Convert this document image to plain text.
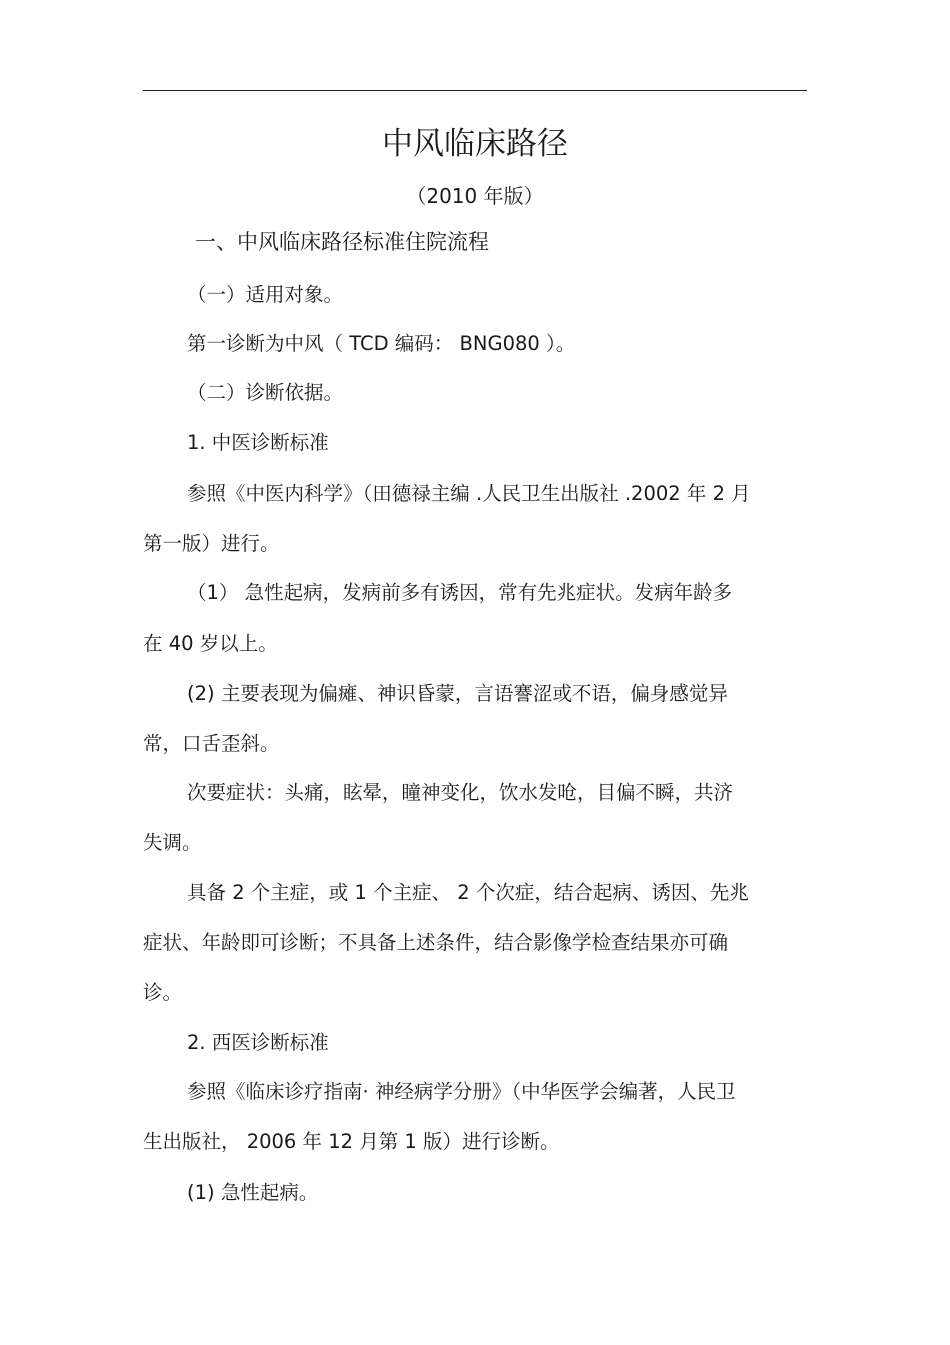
中风临床路径
（2010 年版）
一、中风临床路径标准住院流程
（一）适用对象。
第一诊断为中风（ TCD 编码： BNG080 ）。
（二）诊断依据。
1. 中医诊断标准
参照《中医内科学》（田德禄主编 .人民卫生出版社 .2002 年 2 月
第一版）进行。
（1） 急性起病，发病前多有诱因，常有先兆症状。发病年龄多
在 40 岁以上。
(2) 主要表现为偏瘫、神识昏蒙，言语謇涩或不语，偏身感觉异
常，口舌歪斜。
次要症状：头痛，眩晕，瞳神变化，饮水发呛，目偏不瞬，共济
失调。
具备 2 个主症，或 1 个主症、 2 个次症，结合起病、诱因、先兆
症状、年龄即可诊断；不具备上述条件，结合影像学检查结果亦可确
诊。
2. 西医诊断标准
参照《临床诊疗指南· 神经病学分册》（中华医学会编著，人民卫
生出版社， 2006 年 12 月第 1 版）进行诊断。
(1) 急性起病。
